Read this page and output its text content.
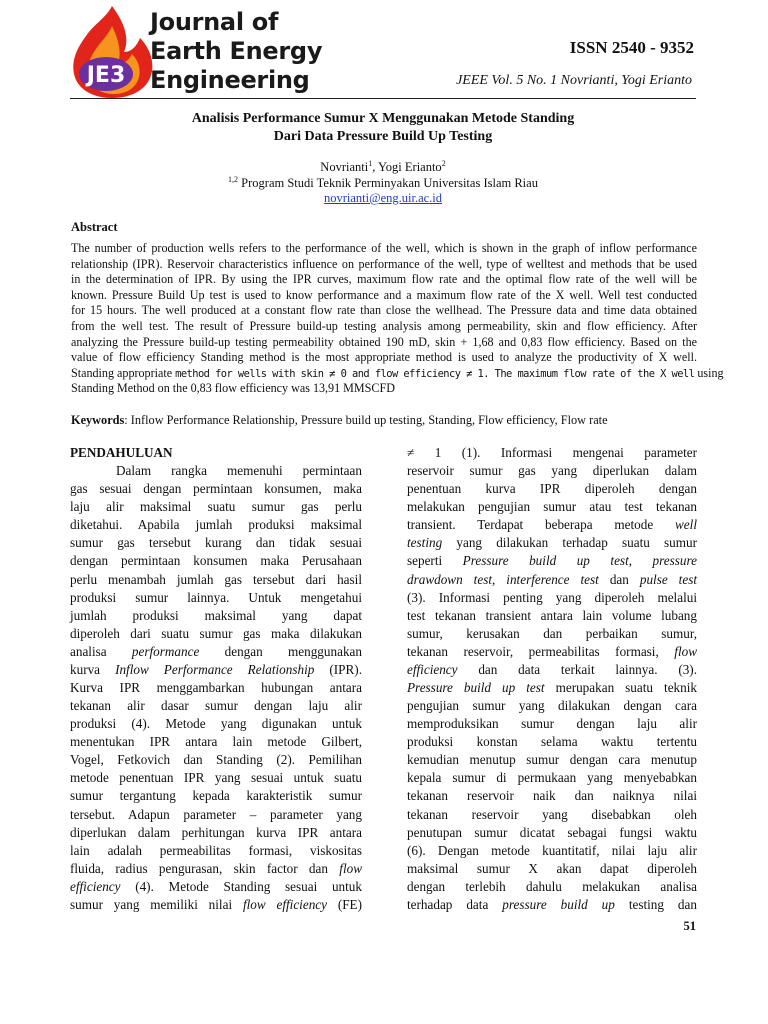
JE3
Journal of
Earth Energy
Engineering
ISSN 2540 - 9352
JEEE Vol. 5 No. 1 Novrianti, Yogi Erianto
Analisis Performance Sumur X Menggunakan Metode Standing
Dari Data Pressure Build Up Testing
Novrianti$^1$, Yogi Erianto$^2$
$^{1,2}$ Program Studi Teknik Perminyakan Universitas Islam Riau
novrianti@eng.uir.ac.id
Abstract
The number of production wells refers to the performance of the well, which is shown in the graph of inflow performance
relationship (IPR). Reservoir characteristics influence on performance of the well, type of welltest and methods that be used
in the determination of IPR. By using the IPR curves, maximum flow rate and the optimal flow rate of the well will be
known. Pressure Build Up test is used to know performance and a maximum flow rate of the X well. Well test conducted
for 15 hours. The well produced at a constant flow rate than close the wellhead. The Pressure data and time data obtained
from the well test. The result of Pressure build-up testing analysis among permeability, skin and flow efficiency. After
analyzing the Pressure build-up testing permeability obtained 190 mD, skin + 1,68 and 0,83 flow efficiency. Based on the
value of flow efficiency Standing method is the most appropriate method is used to analyze the productivity of X well.
Standing appropriate method for wells with skin ≠ 0 and flow efficiency ≠ 1. The maximum flow rate of the X well using
Standing Method on the 0,83 flow efficiency was 13,91 MMSCFD
Keywords: Inflow Performance Relationship, Pressure build up testing, Standing, Flow efficiency, Flow rate
PENDAHULUAN
Dalam rangka memenuhi permintaan
gas sesuai dengan permintaan konsumen, maka
laju alir maksimal suatu sumur gas perlu
diketahui. Apabila jumlah produksi maksimal
sumur gas tersebut kurang dan tidak sesuai
dengan permintaan konsumen maka Perusahaan
perlu menambah jumlah gas tersebut dari hasil
produksi sumur lainnya. Untuk mengetahui
jumlah produksi maksimal yang dapat
diperoleh dari suatu sumur gas maka dilakukan
analisa performance dengan menggunakan
kurva Inflow Performance Relationship (IPR).
Kurva IPR menggambarkan hubungan antara
tekanan alir dasar sumur dengan laju alir
produksi (4). Metode yang digunakan untuk
menentukan IPR antara lain metode Gilbert,
Vogel, Fetkovich dan Standing (2). Pemilihan
metode penentuan IPR yang sesuai untuk suatu
sumur tergantung kepada karakteristik sumur
tersebut. Adapun parameter – parameter yang
diperlukan dalam perhitungan kurva IPR antara
lain adalah permeabilitas formasi, viskositas
fluida, radius pengurasan, skin factor dan flow
efficiency (4). Metode Standing sesuai untuk
sumur yang memiliki nilai flow efficiency (FE)
≠ 1 (1). Informasi mengenai parameter
reservoir sumur gas yang diperlukan dalam
penentuan kurva IPR diperoleh dengan
melakukan pengujian sumur atau test tekanan
transient. Terdapat beberapa metode well
testing yang dilakukan terhadap suatu sumur
seperti Pressure build up test, pressure
drawdown test, interference test dan pulse test
(3). Informasi penting yang diperoleh melalui
test tekanan transient antara lain volume lubang
sumur, kerusakan dan perbaikan sumur,
tekanan reservoir, permeabilitas formasi, flow
efficiency dan data terkait lainnya. (3).
Pressure build up test merupakan suatu teknik
pengujian sumur yang dilakukan dengan cara
memproduksikan sumur dengan laju alir
produksi konstan selama waktu tertentu
kemudian menutup sumur dengan cara menutup
kepala sumur di permukaan yang menyebabkan
tekanan reservoir naik dan naiknya nilai
tekanan reservoir yang disebabkan oleh
penutupan sumur dicatat sebagai fungsi waktu
(6). Dengan metode kuantitatif, nilai laju alir
maksimal sumur X akan dapat diperoleh
dengan terlebih dahulu melakukan analisa
terhadap data pressure build up testing dan
51
